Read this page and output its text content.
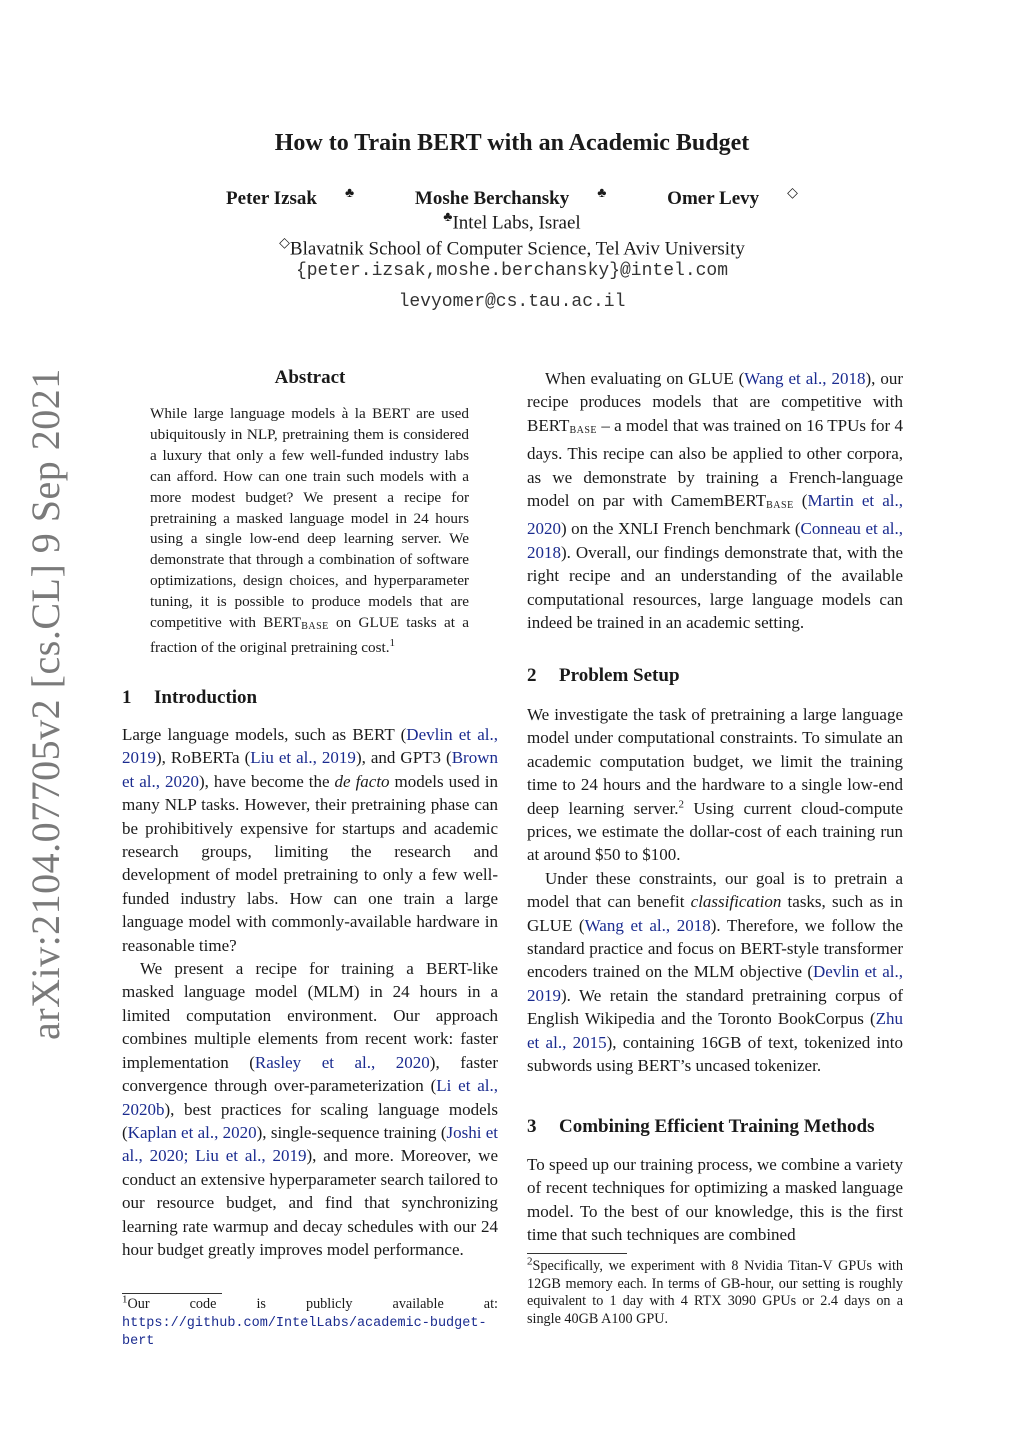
arXiv:2104.07705v2 [cs.CL] 9 Sep 2021
How to Train BERT with an Academic Budget
Peter Izsak ♣	Moshe Berchansky ♣	Omer Levy ◇
♣Intel Labs, Israel
◇Blavatnik School of Computer Science, Tel Aviv University
{peter.izsak,moshe.berchansky}@intel.com
levyomer@cs.tau.ac.il
Abstract
While large language models à la BERT are used ubiquitously in NLP, pretraining them is considered a luxury that only a few well-funded industry labs can afford. How can one train such models with a more modest budget? We present a recipe for pretraining a masked language model in 24 hours using a single low-end deep learning server. We demonstrate that through a combination of software optimizations, design choices, and hyperparameter tuning, it is possible to produce models that are competitive with BERTBASE on GLUE tasks at a fraction of the original pretraining cost.$^1$
1 Introduction

Large language models, such as BERT (Devlin et al., 2019), RoBERTa (Liu et al., 2019), and GPT3 (Brown et al., 2020), have become the de facto models used in many NLP tasks. However, their pretraining phase can be prohibitively expensive for startups and academic research groups, limiting the research and development of model pretraining to only a few well-funded industry labs. How can one train a large language model with commonly-available hardware in reasonable time?

We present a recipe for training a BERT-like masked language model (MLM) in 24 hours in a limited computation environment. Our approach combines multiple elements from recent work: faster implementation (Rasley et al., 2020), faster convergence through over-parameterization (Li et al., 2020b), best practices for scaling language models (Kaplan et al., 2020), single-sequence training (Joshi et al., 2020; Liu et al., 2019), and more. Moreover, we conduct an extensive hyperparameter search tailored to our resource budget, and find that synchronizing learning rate warmup and decay schedules with our 24 hour budget greatly improves model performance.

$^1$Our code is publicly available at: https://github.com/IntelLabs/academic-budget-bert
When evaluating on GLUE (Wang et al., 2018), our recipe produces models that are competitive with BERTBASE – a model that was trained on 16 TPUs for 4 days. This recipe can also be applied to other corpora, as we demonstrate by training a French-language model on par with CamemBERTBASE (Martin et al., 2020) on the XNLI French benchmark (Conneau et al., 2018). Overall, our findings demonstrate that, with the right recipe and an understanding of the available computational resources, large language models can indeed be trained in an academic setting.
2 Problem Setup

We investigate the task of pretraining a large language model under computational constraints. To simulate an academic computation budget, we limit the training time to 24 hours and the hardware to a single low-end deep learning server.$^2$ Using current cloud-compute prices, we estimate the dollar-cost of each training run at around $50 to $100.

Under these constraints, our goal is to pretrain a model that can benefit classification tasks, such as in GLUE (Wang et al., 2018). Therefore, we follow the standard practice and focus on BERT-style transformer encoders trained on the MLM objective (Devlin et al., 2019). We retain the standard pretraining corpus of English Wikipedia and the Toronto BookCorpus (Zhu et al., 2015), containing 16GB of text, tokenized into subwords using BERT’s uncased tokenizer.

3 Combining Efficient Training Methods

To speed up our training process, we combine a variety of recent techniques for optimizing a masked language model. To the best of our knowledge, this is the first time that such techniques are combined

$^2$Specifically, we experiment with 8 Nvidia Titan-V GPUs with 12GB memory each. In terms of GB-hour, our setting is roughly equivalent to 1 day with 4 RTX 3090 GPUs or 2.4 days on a single 40GB A100 GPU.
